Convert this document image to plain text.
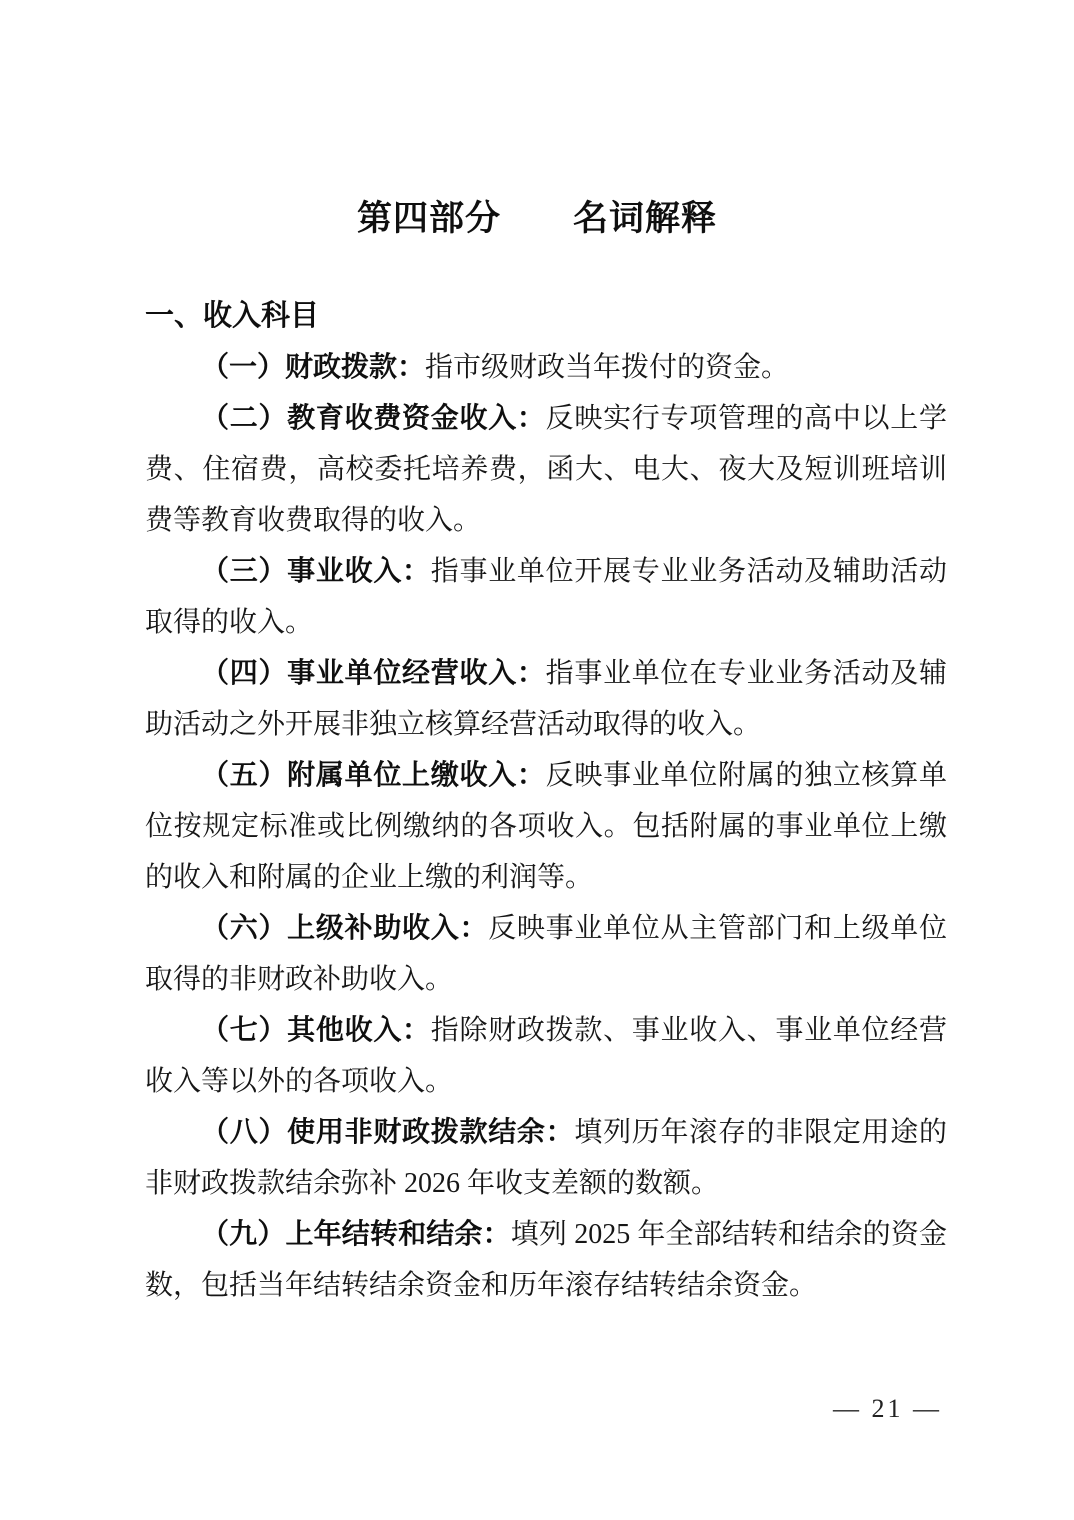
第四部分　　名词解释
一、收入科目

（一）财政拨款：指市级财政当年拨付的资金。

（二）教育收费资金收入：反映实行专项管理的高中以上学费、住宿费，高校委托培养费，函大、电大、夜大及短训班培训费等教育收费取得的收入。

（三）事业收入：指事业单位开展专业业务活动及辅助活动取得的收入。

（四）事业单位经营收入：指事业单位在专业业务活动及辅助活动之外开展非独立核算经营活动取得的收入。

（五）附属单位上缴收入：反映事业单位附属的独立核算单位按规定标准或比例缴纳的各项收入。包括附属的事业单位上缴的收入和附属的企业上缴的利润等。

（六）上级补助收入：反映事业单位从主管部门和上级单位取得的非财政补助收入。

（七）其他收入：指除财政拨款、事业收入、事业单位经营收入等以外的各项收入。

（八）使用非财政拨款结余：填列历年滚存的非限定用途的非财政拨款结余弥补 2026 年收支差额的数额。

（九）上年结转和结余：填列 2025 年全部结转和结余的资金数，包括当年结转结余资金和历年滚存结转结余资金。

— 21 —
